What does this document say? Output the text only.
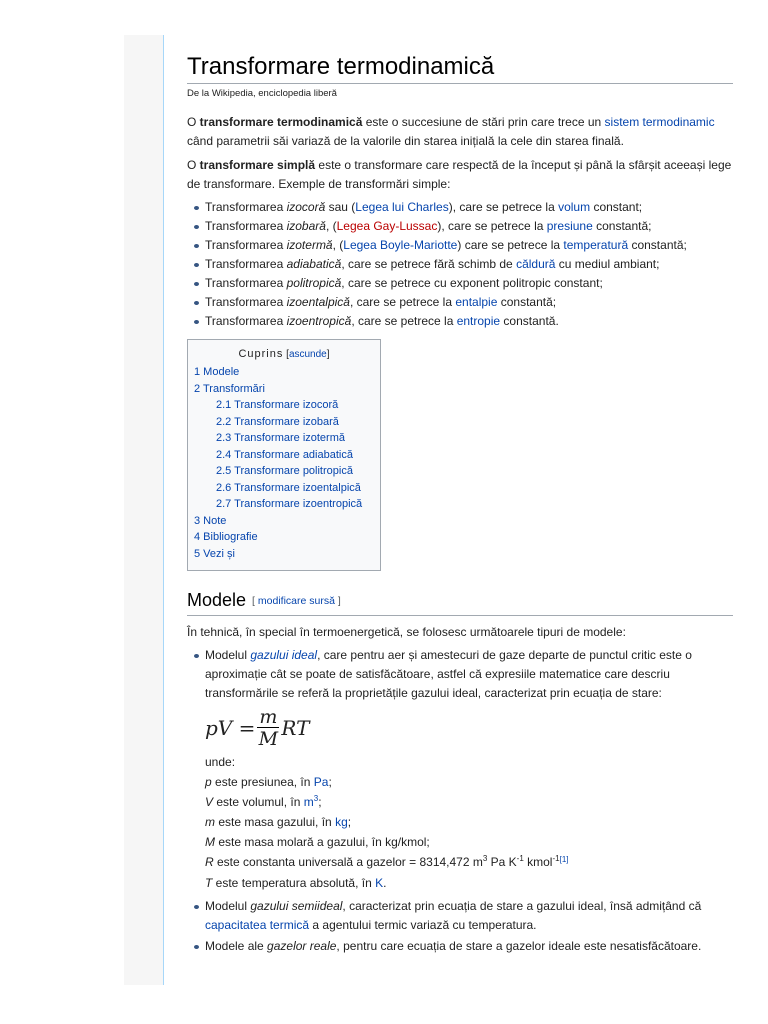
Transformare termodinamică
De la Wikipedia, enciclopedia liberă

O transformare termodinamică este o succesiune de stări prin care trece un sistem termodinamic când parametrii săi variază de la valorile din starea inițială la cele din starea finală.

O transformare simplă este o transformare care respectă de la început și până la sfârșit aceeași lege de transformare. Exemple de transformări simple:

Transformarea izocoră sau (Legea lui Charles), care se petrece la volum constant;
Transformarea izobară, (Legea Gay-Lussac), care se petrece la presiune constantă;
Transformarea izotermă, (Legea Boyle-Mariotte) care se petrece la temperatură constantă;
Transformarea adiabatică, care se petrece fără schimb de căldură cu mediul ambiant;
Transformarea politropică, care se petrece cu exponent politropic constant;
Transformarea izoentalpică, care se petrece la entalpie constantă;
Transformarea izoentropică, care se petrece la entropie constantă.
Cuprins [ascunde]
1 Modele
2 Transformări
2.1 Transformare izocoră
2.2 Transformare izobară
2.3 Transformare izotermă
2.4 Transformare adiabatică
2.5 Transformare politropică
2.6 Transformare izoentalpică
2.7 Transformare izoentropică
3 Note
4 Bibliografie
5 Vezi și
Modele [ modificare sursă ]

În tehnică, în special în termoenergetică, se folosesc următoarele tipuri de modele:

Modelul gazului ideal, care pentru aer și amestecuri de gaze departe de punctul critic este o aproximație cât se poate de satisfăcătoare, astfel că expresiile matematice care descriu transformările se referă la proprietățile gazului ideal, caracterizat prin ecuația de stare:
pV = $\frac{m}{M}$ RT
unde:
p este presiunea, în Pa;
V este volumul, în m$^3$;
m este masa gazului, în kg;
M este masa molară a gazului, în kg/kmol;
R este constanta universală a gazelor = 8314,472 $m^3$ Pa $K^{-1}$ kmol$^{-1[1]}$
T este temperatura absolută, în K.
Modelul gazului semiideal, caracterizat prin ecuația de stare a gazului ideal, însă admițând că capacitatea termică a agentului termic variază cu temperatura.
Modele ale gazelor reale, pentru care ecuația de stare a gazelor ideale este nesatisfăcătoare.
